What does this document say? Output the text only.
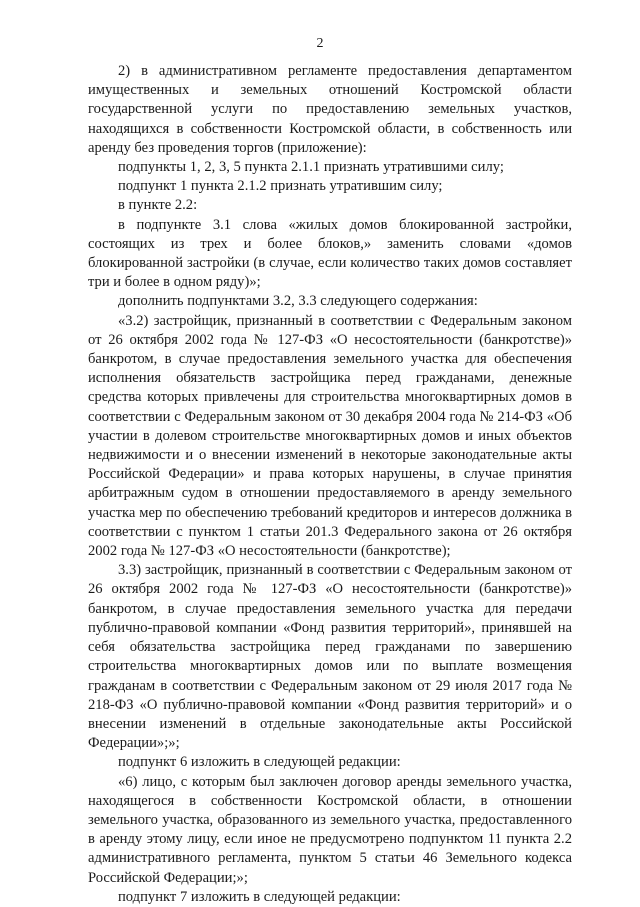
2

2) в административном регламенте предоставления департаментом имущественных и земельных отношений Костромской области государственной услуги по предоставлению земельных участков, находящихся в собственности Костромской области, в собственность или аренду без проведения торгов (приложение):

подпункты 1, 2, 3, 5 пункта 2.1.1 признать утратившими силу;

подпункт 1 пункта 2.1.2 признать утратившим силу;

в пункте 2.2:

в подпункте 3.1 слова «жилых домов блокированной застройки, состоящих из трех и более блоков,» заменить словами «домов блокированной застройки (в случае, если количество таких домов составляет три и более в одном ряду)»;

дополнить подпунктами 3.2, 3.3 следующего содержания:

«3.2) застройщик, признанный в соответствии с Федеральным законом от 26 октября 2002 года № 127-ФЗ «О несостоятельности (банкротстве)» банкротом, в случае предоставления земельного участка для обеспечения исполнения обязательств застройщика перед гражданами, денежные средства которых привлечены для строительства многоквартирных домов в соответствии с Федеральным законом от 30 декабря 2004 года № 214-ФЗ «Об участии в долевом строительстве многоквартирных домов и иных объектов недвижимости и о внесении изменений в некоторые законодательные акты Российской Федерации» и права которых нарушены, в случае принятия арбитражным судом в отношении предоставляемого в аренду земельного участка мер по обеспечению требований кредиторов и интересов должника в соответствии с пунктом 1 статьи 201.3 Федерального закона от 26 октября 2002 года № 127-ФЗ «О несостоятельности (банкротстве);

3.3) застройщик, признанный в соответствии с Федеральным законом от 26 октября 2002 года № 127-ФЗ «О несостоятельности (банкротстве)» банкротом, в случае предоставления земельного участка для передачи публично-правовой компании «Фонд развития территорий», принявшей на себя обязательства застройщика перед гражданами по завершению строительства многоквартирных домов или по выплате возмещения гражданам в соответствии с Федеральным законом от 29 июля 2017 года № 218-ФЗ «О публично-правовой компании «Фонд развития территорий» и о внесении изменений в отдельные законодательные акты Российской Федерации»;»;

подпункт 6 изложить в следующей редакции:

«6) лицо, с которым был заключен договор аренды земельного участка, находящегося в собственности Костромской области, в отношении земельного участка, образованного из земельного участка, предоставленного в аренду этому лицу, если иное не предусмотрено подпунктом 11 пункта 2.2 административного регламента, пунктом 5 статьи 46 Земельного кодекса Российской Федерации;»;

подпункт 7 изложить в следующей редакции:
